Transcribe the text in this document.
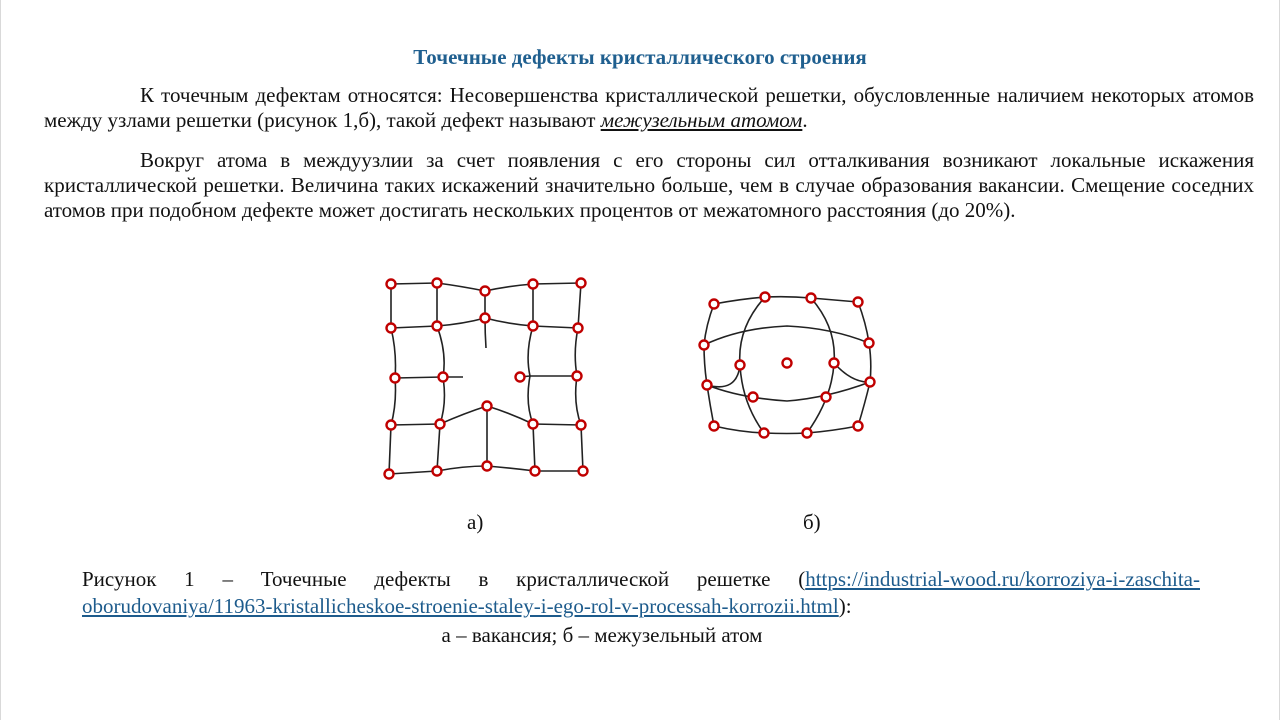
Точечные дефекты кристаллического строения

К точечным дефектам относятся: Несовершенства кристаллической решетки, обусловленные наличием некоторых атомов между узлами решетки (рисунок 1,б), такой дефект называют межузельным атомом.

Вокруг атома в междуузлии за счет появления с его стороны сил отталкивания возникают локальные искажения кристаллической решетки. Величина таких искажений значительно больше, чем в случае образования вакансии. Смещение соседних атомов при подобном дефекте может достигать нескольких процентов от межатомного расстояния (до 20%).

а)	б)

Рисунок 1 – Точечные дефекты в кристаллической решетке (https://industrial-wood.ru/korroziya-i-zaschita-oborudovaniya/11963-kristallicheskoe-stroenie-staley-i-ego-rol-v-processah-korrozii.html):

а – вакансия; б – межузельный атом
